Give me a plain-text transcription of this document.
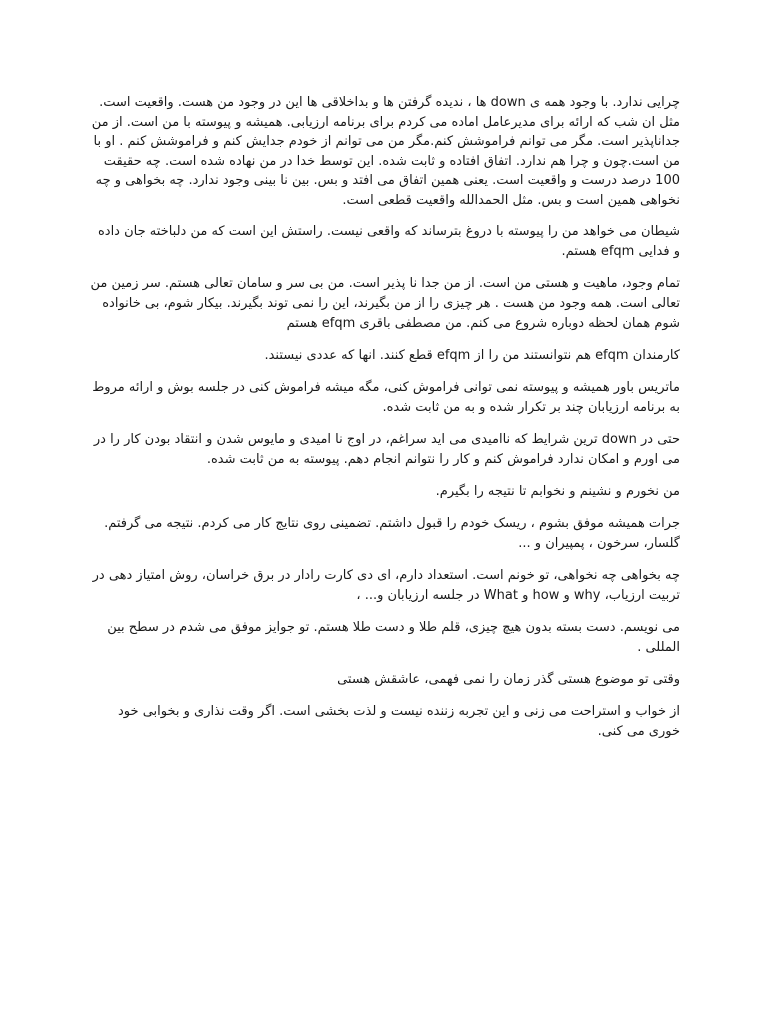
چرایی ندارد. با وجود همه ی down ها ، ندیده گرفتن ها و بداخلاقی ها این در وجود من هست. واقعیت است. مثل ان شب که ارائه برای مدیرعامل اماده می کردم برای برنامه ارزیابی. همیشه و پیوسته با من است. از من جداناپذیر است. مگر می توانم فراموشش کنم.مگر من می توانم از خودم جدایش کنم و فراموشش کنم . او با من است.چون و چرا هم ندارد. اتفاق افتاده و ثابت شده. این توسط خدا در من نهاده شده است. چه حقیقت 100 درصد درست و واقعیت است. یعنی همین اتفاق می افتد و بس. بین نا بینی وجود ندارد. چه بخواهی و چه نخواهی همین است و بس. مثل الحمدالله واقعیت قطعی است.

شیطان می خواهد من را پیوسته با دروغ بترساند که واقعی نیست. راستش این است که من دلباخته جان داده و فدایی efqm هستم.

تمام وجود، ماهیت و هستی من است. از من جدا نا پذیر است. من بی سر و سامان تعالی هستم. سر زمین من تعالی است. همه وجود من هست . هر چیزی را از من بگیرند، این را نمی توند بگیرند. بیکار شوم، بی خانواده شوم همان لحظه دوباره شروع می کنم. من مصطفی باقری efqm هستم

کارمندان efqm هم نتوانستند من را از efqm قطع کنند. انها که عددی نیستند.

ماتریس باور همیشه و پیوسته نمی توانی فراموش کنی، مگه میشه فراموش کنی در جلسه بوش و ارائه مروط به برنامه ارزیابان چند بر تکرار شده و به من ثابت شده.

حتی در down ترین شرایط که ناامیدی می اید سراغم، در اوج نا امیدی و مایوس شدن و انتقاد بودن کار را در می اورم و امکان ندارد فراموش کنم و کار را نتوانم انجام دهم. پیوسته به من ثابت شده.

من نخورم و نشینم و نخوابم تا نتیجه را بگیرم.

جرات همیشه موفق بشوم ، ریسک خودم را قبول داشتم. تضمینی روی نتایج کار می کردم. نتیجه می گرفتم. گلسار، سرخون ، پمپیران و ...

چه بخواهی چه نخواهی، تو خونم است. استعداد دارم، ای دی کارت رادار در برق خراسان، روش امتیاز دهی در تربیت ارزیاب، why و how و What در جلسه ارزیابان و... ،

می نویسم. دست بسته بدون هیچ چیزی، قلم طلا و دست طلا هستم. تو جوایز موفق می شدم در سطح بین المللی .

وقتی تو موضوع هستی گذر زمان را نمی فهمی، عاشقش هستی

از خواب و استراحت می زنی و این تجربه زننده نیست و لذت بخشی است. اگر وقت نذاری و بخوابی خود خوری می کنی.
